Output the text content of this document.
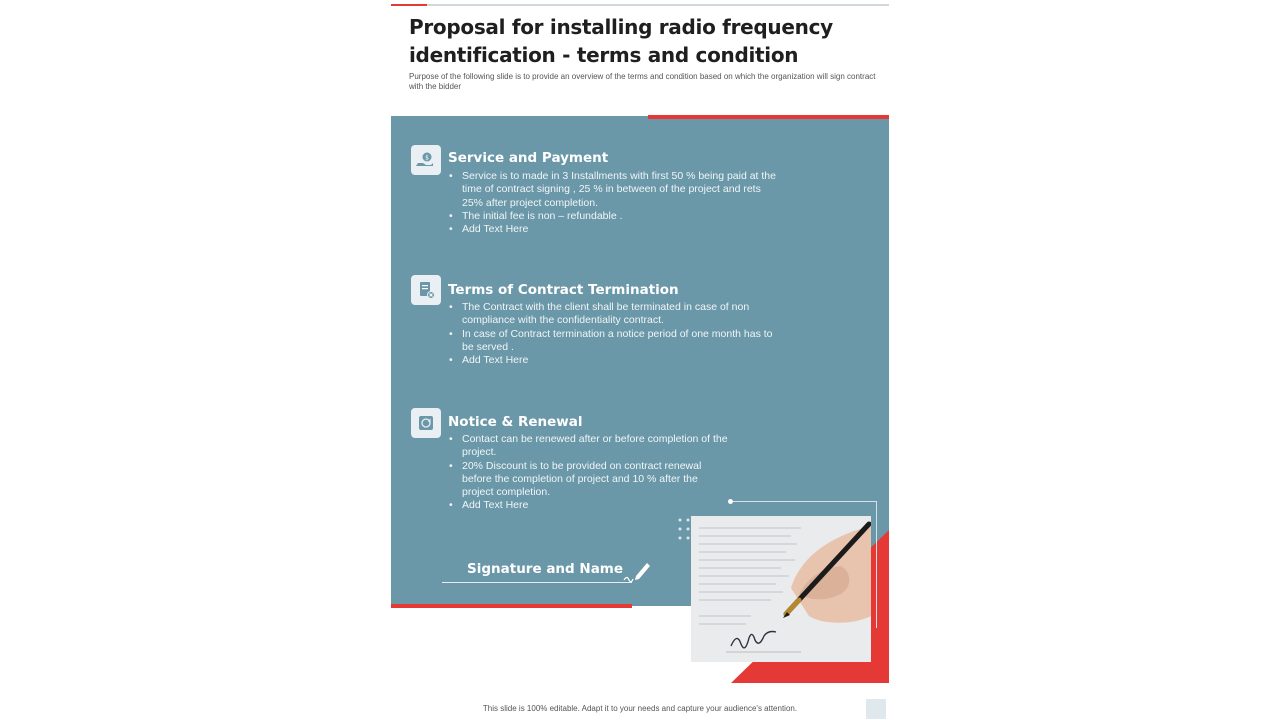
Proposal for installing radio frequency identification - terms and condition
Purpose of the following slide is to provide an overview of the terms and condition based on which the organization will sign contract with the bidder
$ Service and Payment
• Service is to made in 3 Installments with first 50 % being paid at the time of contract signing , 25 % in between of the project and rets 25% after project completion.
• The initial fee is non – refundable .
• Add Text Here
Terms of Contract Termination
• The Contract with the client shall be terminated in case of non compliance with the confidentiality contract.
• In case of Contract termination a notice period of one month has to be served .
• Add Text Here
Notice & Renewal
• Contact can be renewed after or before completion of the project.
• 20% Discount is to be provided on contract renewal before the completion of project and 10 % after the project completion.
• Add Text Here
Signature and Name
This slide is 100% editable. Adapt it to your needs and capture your audience's attention.
